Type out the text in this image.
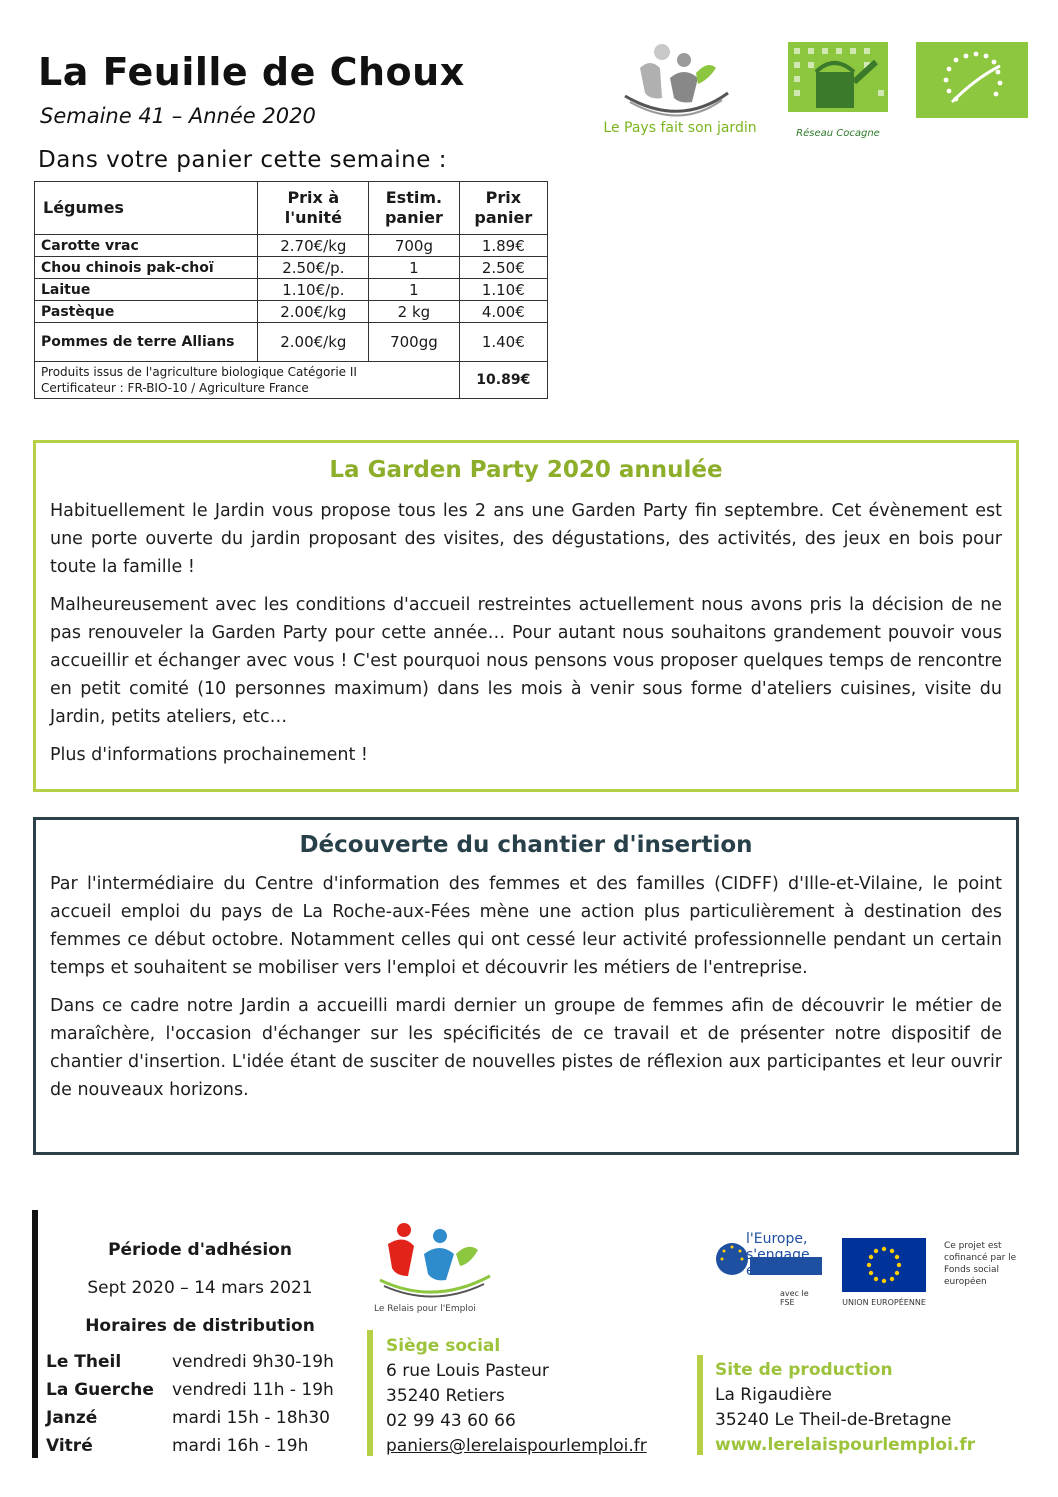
La Feuille de Choux
Semaine 41 – Année 2020
Dans votre panier cette semaine :
Le Pays fait son jardin	Réseau Cocagne
Légumes	Prix à l'unité	Estim. panier	Prix panier
Carotte vrac	2.70€/kg	700g	1.89€
Chou chinois pak-choï	2.50€/p.	1	2.50€
Laitue	1.10€/p.	1	1.10€
Pastèque	2.00€/kg	2 kg	4.00€
Pommes de terre Allians	2.00€/kg	700gg	1.40€

Produits issus de l'agriculture biologique Catégorie II
Certificateur : FR-BIO-10 / Agriculture France			10.89€
La Garden Party 2020 annulée

Habituellement le Jardin vous propose tous les 2 ans une Garden Party fin septembre. Cet évènement est une porte ouverte du jardin proposant des visites, des dégustations, des activités, des jeux en bois pour toute la famille !

Malheureusement avec les conditions d'accueil restreintes actuellement nous avons pris la décision de ne pas renouveler la Garden Party pour cette année… Pour autant nous souhaitons grandement pouvoir vous accueillir et échanger avec vous ! C'est pourquoi nous pensons vous proposer quelques temps de rencontre en petit comité (10 personnes maximum) dans les mois à venir sous forme d'ateliers cuisines, visite du Jardin, petits ateliers, etc…

Plus d'informations prochainement !

Découverte du chantier d'insertion

Par l'intermédiaire du Centre d'information des femmes et des familles (CIDFF) d'Ille-et-Vilaine, le point accueil emploi du pays de La Roche-aux-Fées mène une action plus particulièrement à destination des femmes ce début octobre. Notamment celles qui ont cessé leur activité professionnelle pendant un certain temps et souhaitent se mobiliser vers l'emploi et découvrir les métiers de l'entreprise.

Dans ce cadre notre Jardin a accueilli mardi dernier un groupe de femmes afin de découvrir le métier de maraîchère, l'occasion d'échanger sur les spécificités de ce travail et de présenter notre dispositif de chantier d'insertion. L'idée étant de susciter de nouvelles pistes de réflexion aux participantes et leur ouvrir de nouveaux horizons.

Période d'adhésion
Sept 2020 – 14 mars 2021
Horaires de distribution
Le Theil	vendredi 9h30-19h
La Guerche	vendredi 11h - 19h
Janzé	mardi 15h - 18h30
Vitré	mardi 16h - 19h
Le Relais pour l'Emploi
Siège social
6 rue Louis Pasteur
35240 Retiers
02 99 43 60 66
paniers@lerelaispourlemploi.fr
l'Europe, s'engage en France
avec le FSE	UNION EUROPÉENNE
Ce projet est cofinancé par le Fonds social européen
Site de production
La Rigaudière
35240 Le Theil-de-Bretagne
www.lerelaispourlemploi.fr
